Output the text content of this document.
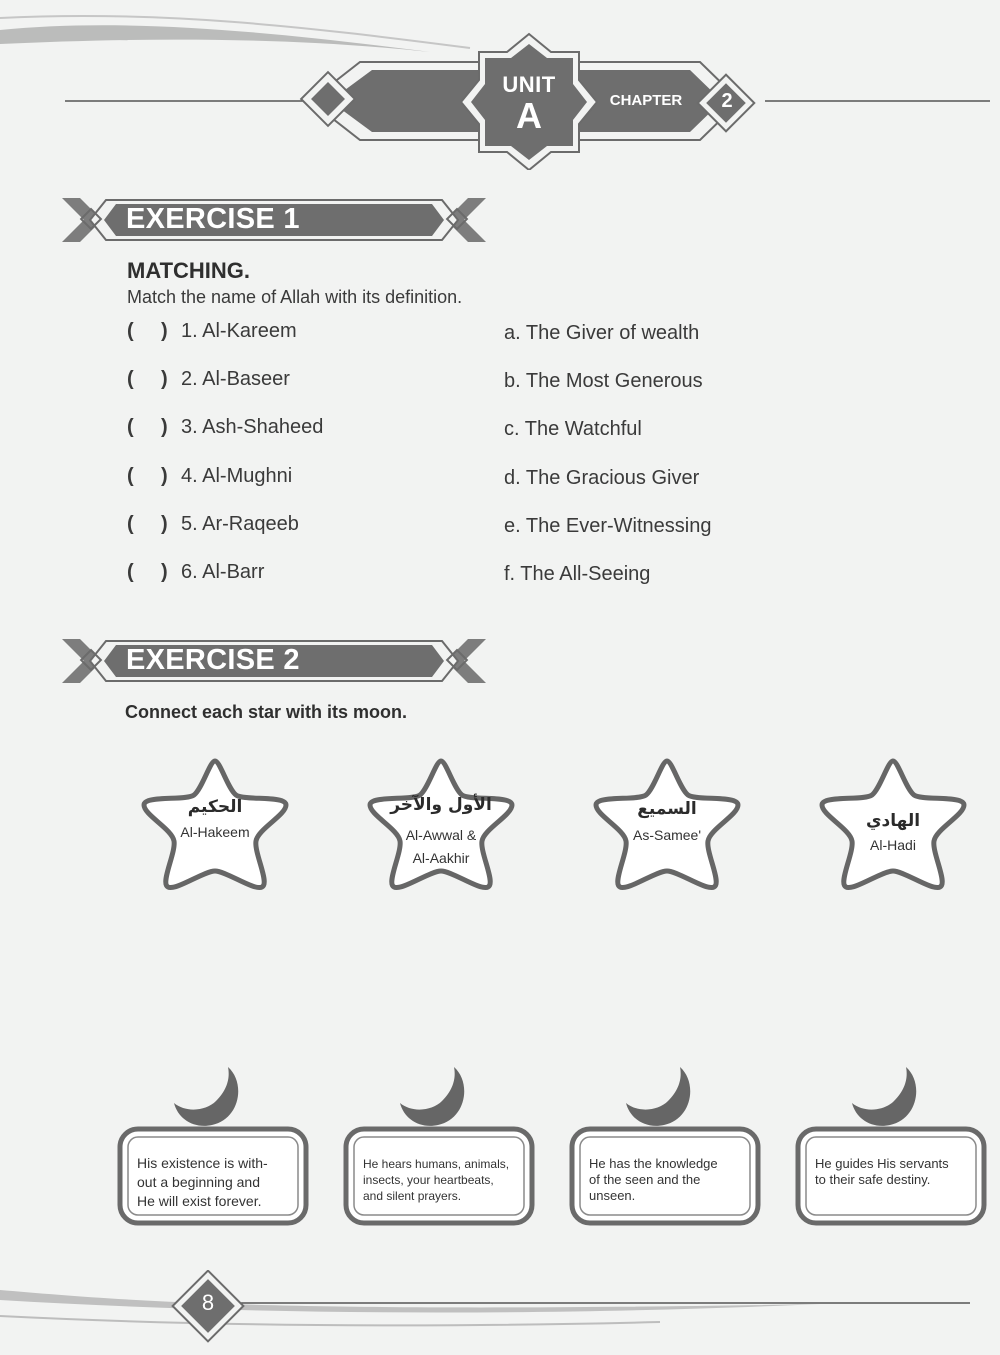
UNIT
A	CHAPTER	2
EXERCISE 1
MATCHING.
Match the name of Allah with its definition.
( ) 1. Al-Kareem	a. The Giver of wealth
( ) 2. Al-Baseer	b. The Most Generous
( ) 3. Ash-Shaheed	c. The Watchful
( ) 4. Al-Mughni	d. The Gracious Giver
( ) 5. Ar-Raqeeb	e. The Ever-Witnessing
( ) 6. Al-Barr	f. The All-Seeing
EXERCISE 2
Connect each star with its moon.
الحكيم
Al-Hakeem
الأول والآخر
Al-Awwal &
Al-Aakhir
السميع
As-Samee'
الهادي
Al-Hadi
His existence is with-
out a beginning and
He will exist forever.
He hears humans, animals,
insects, your heartbeats,
and silent prayers.
He has the knowledge
of the seen and the
unseen.
He guides His servants
to their safe destiny.
8
